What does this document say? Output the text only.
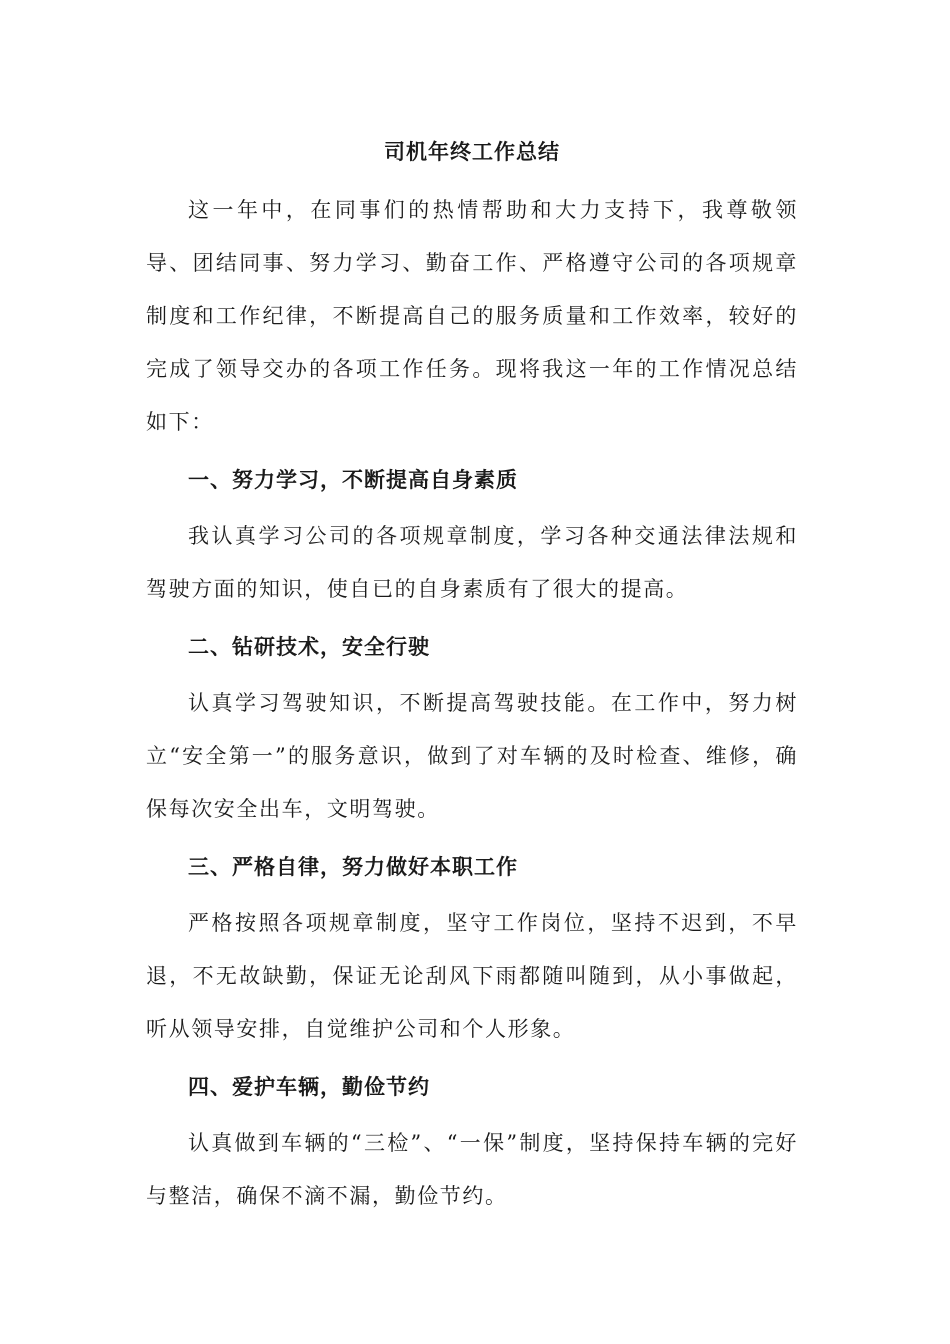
司机年终工作总结

这一年中，在同事们的热情帮助和大力支持下，我尊敬领导、团结同事、努力学习、勤奋工作、严格遵守公司的各项规章制度和工作纪律，不断提高自己的服务质量和工作效率，较好的完成了领导交办的各项工作任务。现将我这一年的工作情况总结如下：

一、努力学习，不断提高自身素质

我认真学习公司的各项规章制度，学习各种交通法律法规和驾驶方面的知识，使自已的自身素质有了很大的提高。

二、钻研技术，安全行驶

认真学习驾驶知识，不断提高驾驶技能。在工作中，努力树立“安全第一”的服务意识，做到了对车辆的及时检查、维修，确保每次安全出车，文明驾驶。

三、严格自律，努力做好本职工作

严格按照各项规章制度，坚守工作岗位，坚持不迟到，不早退，不无故缺勤，保证无论刮风下雨都随叫随到，从小事做起，听从领导安排，自觉维护公司和个人形象。

四、爱护车辆，勤俭节约

认真做到车辆的“三检”、“一保”制度，坚持保持车辆的完好与整洁，确保不滴不漏，勤俭节约。
